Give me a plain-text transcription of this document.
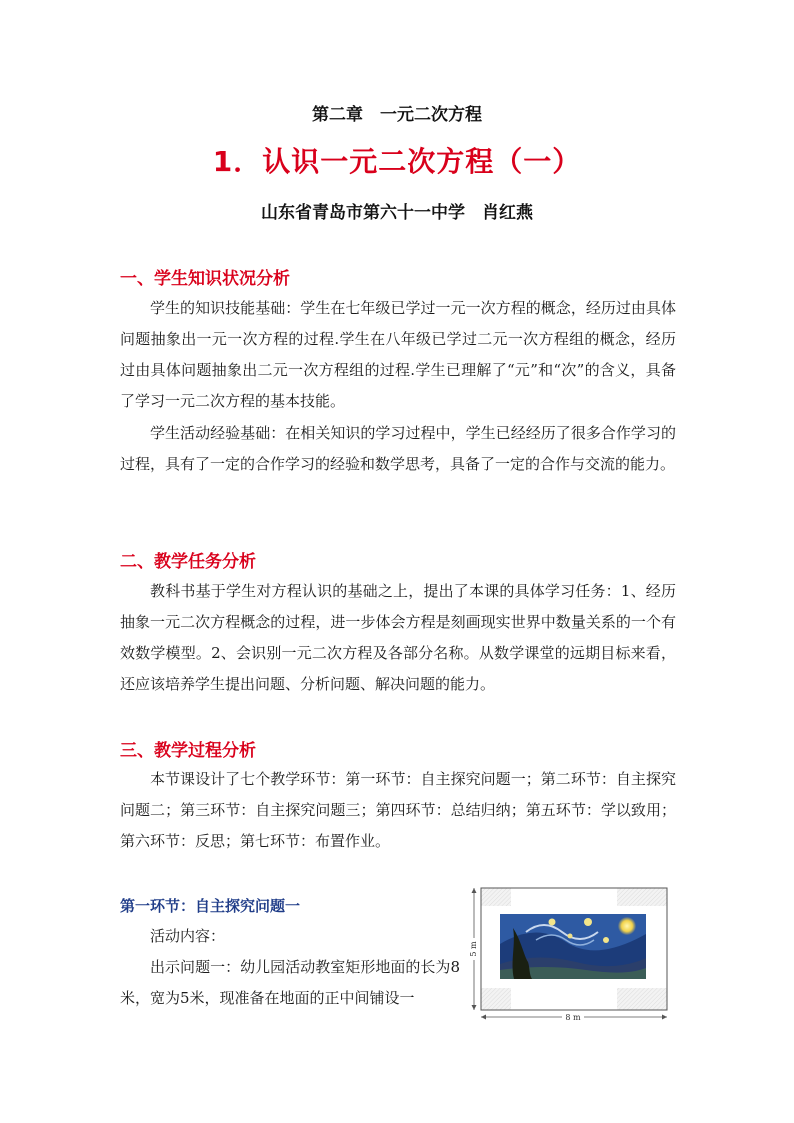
第二章　一元二次方程
1．认识一元二次方程（一）
山东省青岛市第六十一中学　肖红燕
一、学生知识状况分析

学生的知识技能基础：学生在七年级已学过一元一次方程的概念，经历过由具体问题抽象出一元一次方程的过程.学生在八年级已学过二元一次方程组的概念，经历过由具体问题抽象出二元一次方程组的过程.学生已理解了“元”和“次”的含义，具备了学习一元二次方程的基本技能。

学生活动经验基础：在相关知识的学习过程中，学生已经经历了很多合作学习的过程，具有了一定的合作学习的经验和数学思考，具备了一定的合作与交流的能力。

二、教学任务分析

教科书基于学生对方程认识的基础之上，提出了本课的具体学习任务：1、经历抽象一元二次方程概念的过程，进一步体会方程是刻画现实世界中数量关系的一个有效数学模型。2、会识别一元二次方程及各部分名称。从数学课堂的远期目标来看，还应该培养学生提出问题、分析问题、解决问题的能力。

三、教学过程分析

本节课设计了七个教学环节：第一环节：自主探究问题一；第二环节：自主探究问题二；第三环节：自主探究问题三；第四环节：总结归纳；第五环节：学以致用；第六环节：反思；第七环节：布置作业。

第一环节：自主探究问题一

活动内容：

出示问题一：幼儿园活动教室矩形地面的长为8米，宽为5米，现准备在地面的正中间铺设一

5 m
8 m
